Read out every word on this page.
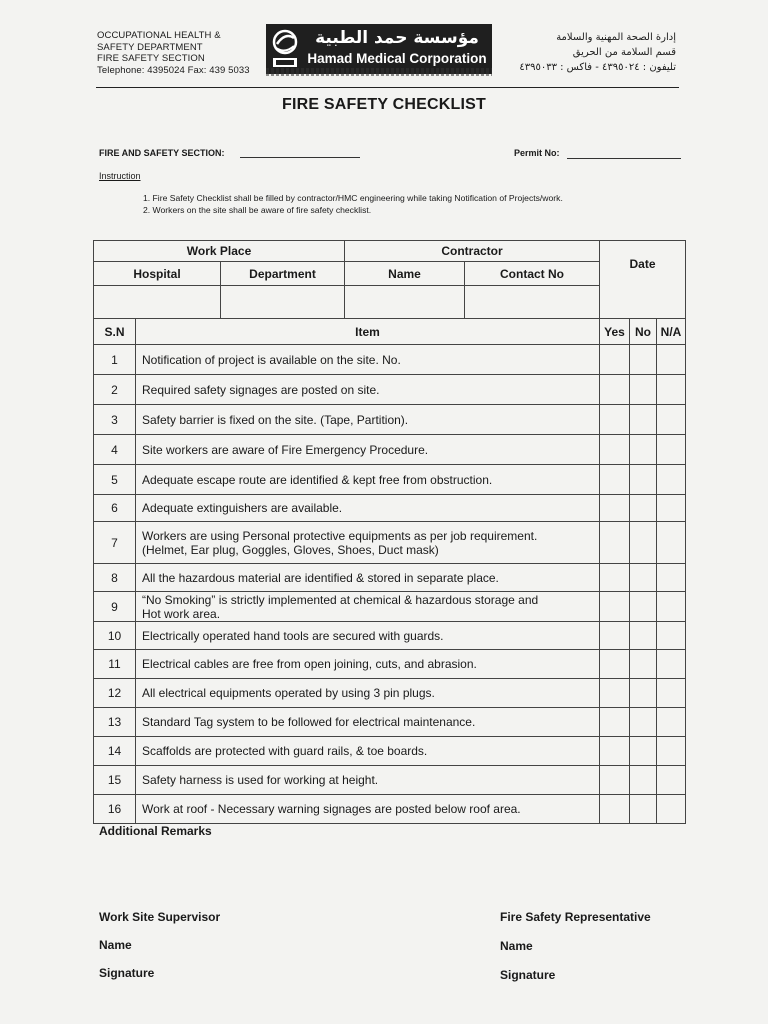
OCCUPATIONAL HEALTH &
SAFETY DEPARTMENT
FIRE SAFETY SECTION
Telephone: 4395024 Fax: 439 5033
مؤسسة حمد الطبية
Hamad Medical Corporation
إدارة الصحة المهنية والسلامة
قسم السلامة من الحريق
تليفون : ٤٣٩٥٠٢٤ - فاكس : ٤٣٩٥٠٣٣
FIRE SAFETY CHECKLIST
FIRE AND SAFETY SECTION:	Permit No:
Instruction
1. Fire Safety Checklist shall be filled by contractor/HMC engineering while taking Notification of Projects/work.
2. Workers on the site shall be aware of fire safety checklist.
Work Place		Contractor		Date
Hospital	Department	Name	Contact No	

S.N	Item	Yes	No	N/A
1	Notification of project is available on the site. No.			

2	Required safety signages are posted on site.			

3	Safety barrier is fixed on the site. (Tape, Partition).			

4	Site workers are aware of Fire Emergency Procedure.			

5	Adequate escape route are identified & kept free from obstruction.			

6	Adequate extinguishers are available.			

7	Workers are using Personal protective equipments as per job requirement.
(Helmet, Ear plug, Goggles, Gloves, Shoes, Duct mask)			

8	All the hazardous material are identified & stored in separate place.			

9	“No Smoking” is strictly implemented at chemical & hazardous storage and
Hot work area.			

10	Electrically operated hand tools are secured with guards.			

11	Electrical cables are free from open joining, cuts, and abrasion.			

12	All electrical equipments operated by using 3 pin plugs.			

13	Standard Tag system to be followed for electrical maintenance.			

14	Scaffolds are protected with guard rails, & toe boards.			

15	Safety harness is used for working at height.			

16	Work at roof - Necessary warning signages are posted below roof area.			

Additional Remarks
Work Site Supervisor
Name
Signature
Fire Safety Representative
Name
Signature
